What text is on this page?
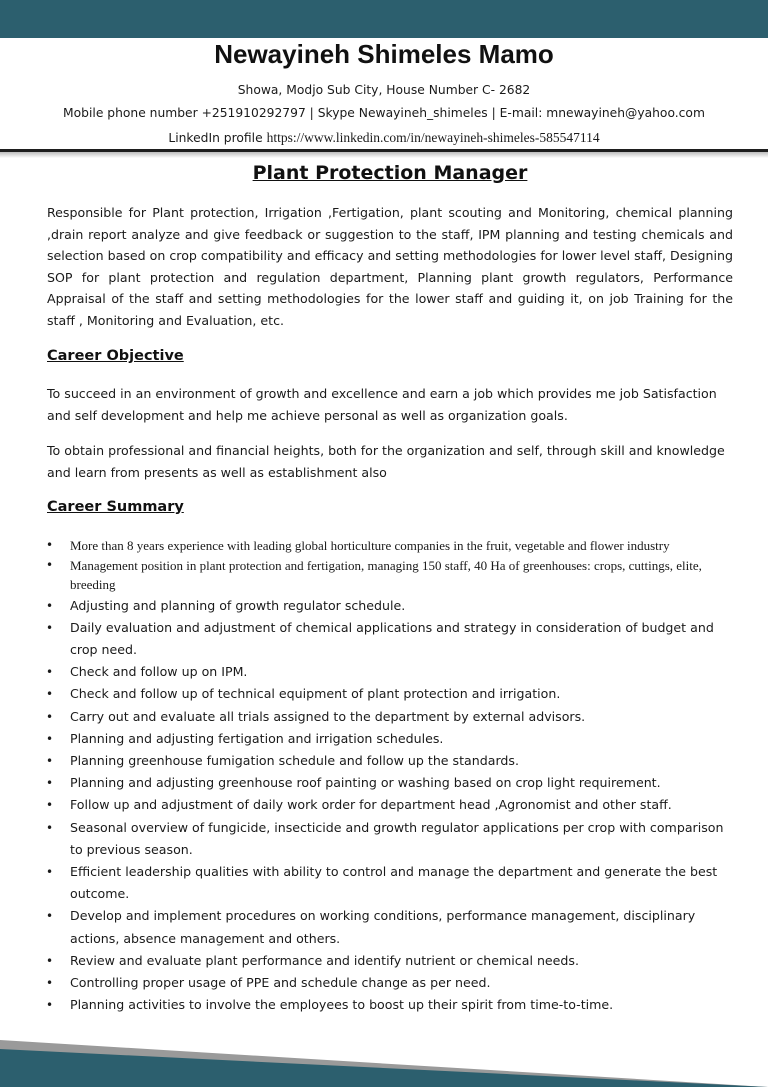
Newayineh Shimeles Mamo
Showa, Modjo Sub City, House Number C- 2682
Mobile phone number +251910292797 | Skype Newayineh_shimeles | E-mail: mnewayineh@yahoo.com
LinkedIn profile https://www.linkedin.com/in/newayineh-shimeles-585547114
Plant Protection Manager

Responsible for Plant protection, Irrigation ,Fertigation, plant scouting and Monitoring, chemical planning ,drain report analyze and give feedback or suggestion to the staff, IPM planning and testing chemicals and selection based on crop compatibility and efficacy and setting methodologies for lower level staff, Designing SOP for plant protection and regulation department, Planning plant growth regulators, Performance Appraisal of the staff and setting methodologies for the lower staff and guiding it, on job Training for the staff , Monitoring and Evaluation, etc.

Career Objective

To succeed in an environment of growth and excellence and earn a job which provides me job Satisfaction and self development and help me achieve personal as well as organization goals.

To obtain professional and financial heights, both for the organization and self, through skill and knowledge and learn from presents as well as establishment also

Career Summary
• More than 8 years experience with leading global horticulture companies in the fruit, vegetable and flower industry
• Management position in plant protection and fertigation, managing 150 staff, 40 Ha of greenhouses: crops, cuttings, elite, breeding
• Adjusting and planning of growth regulator schedule.
• Daily evaluation and adjustment of chemical applications and strategy in consideration of budget and crop need.
• Check and follow up on IPM.
• Check and follow up of technical equipment of plant protection and irrigation.
• Carry out and evaluate all trials assigned to the department by external advisors.
• Planning and adjusting fertigation and irrigation schedules.
• Planning greenhouse fumigation schedule and follow up the standards.
• Planning and adjusting greenhouse roof painting or washing based on crop light requirement.
• Follow up and adjustment of daily work order for department head ,Agronomist and other staff.
• Seasonal overview of fungicide, insecticide and growth regulator applications per crop with comparison to previous season.
• Efficient leadership qualities with ability to control and manage the department and generate the best outcome.
• Develop and implement procedures on working conditions, performance management, disciplinary actions, absence management and others.
• Review and evaluate plant performance and identify nutrient or chemical needs.
• Controlling proper usage of PPE and schedule change as per need.
• Planning activities to involve the employees to boost up their spirit from time-to-time.
